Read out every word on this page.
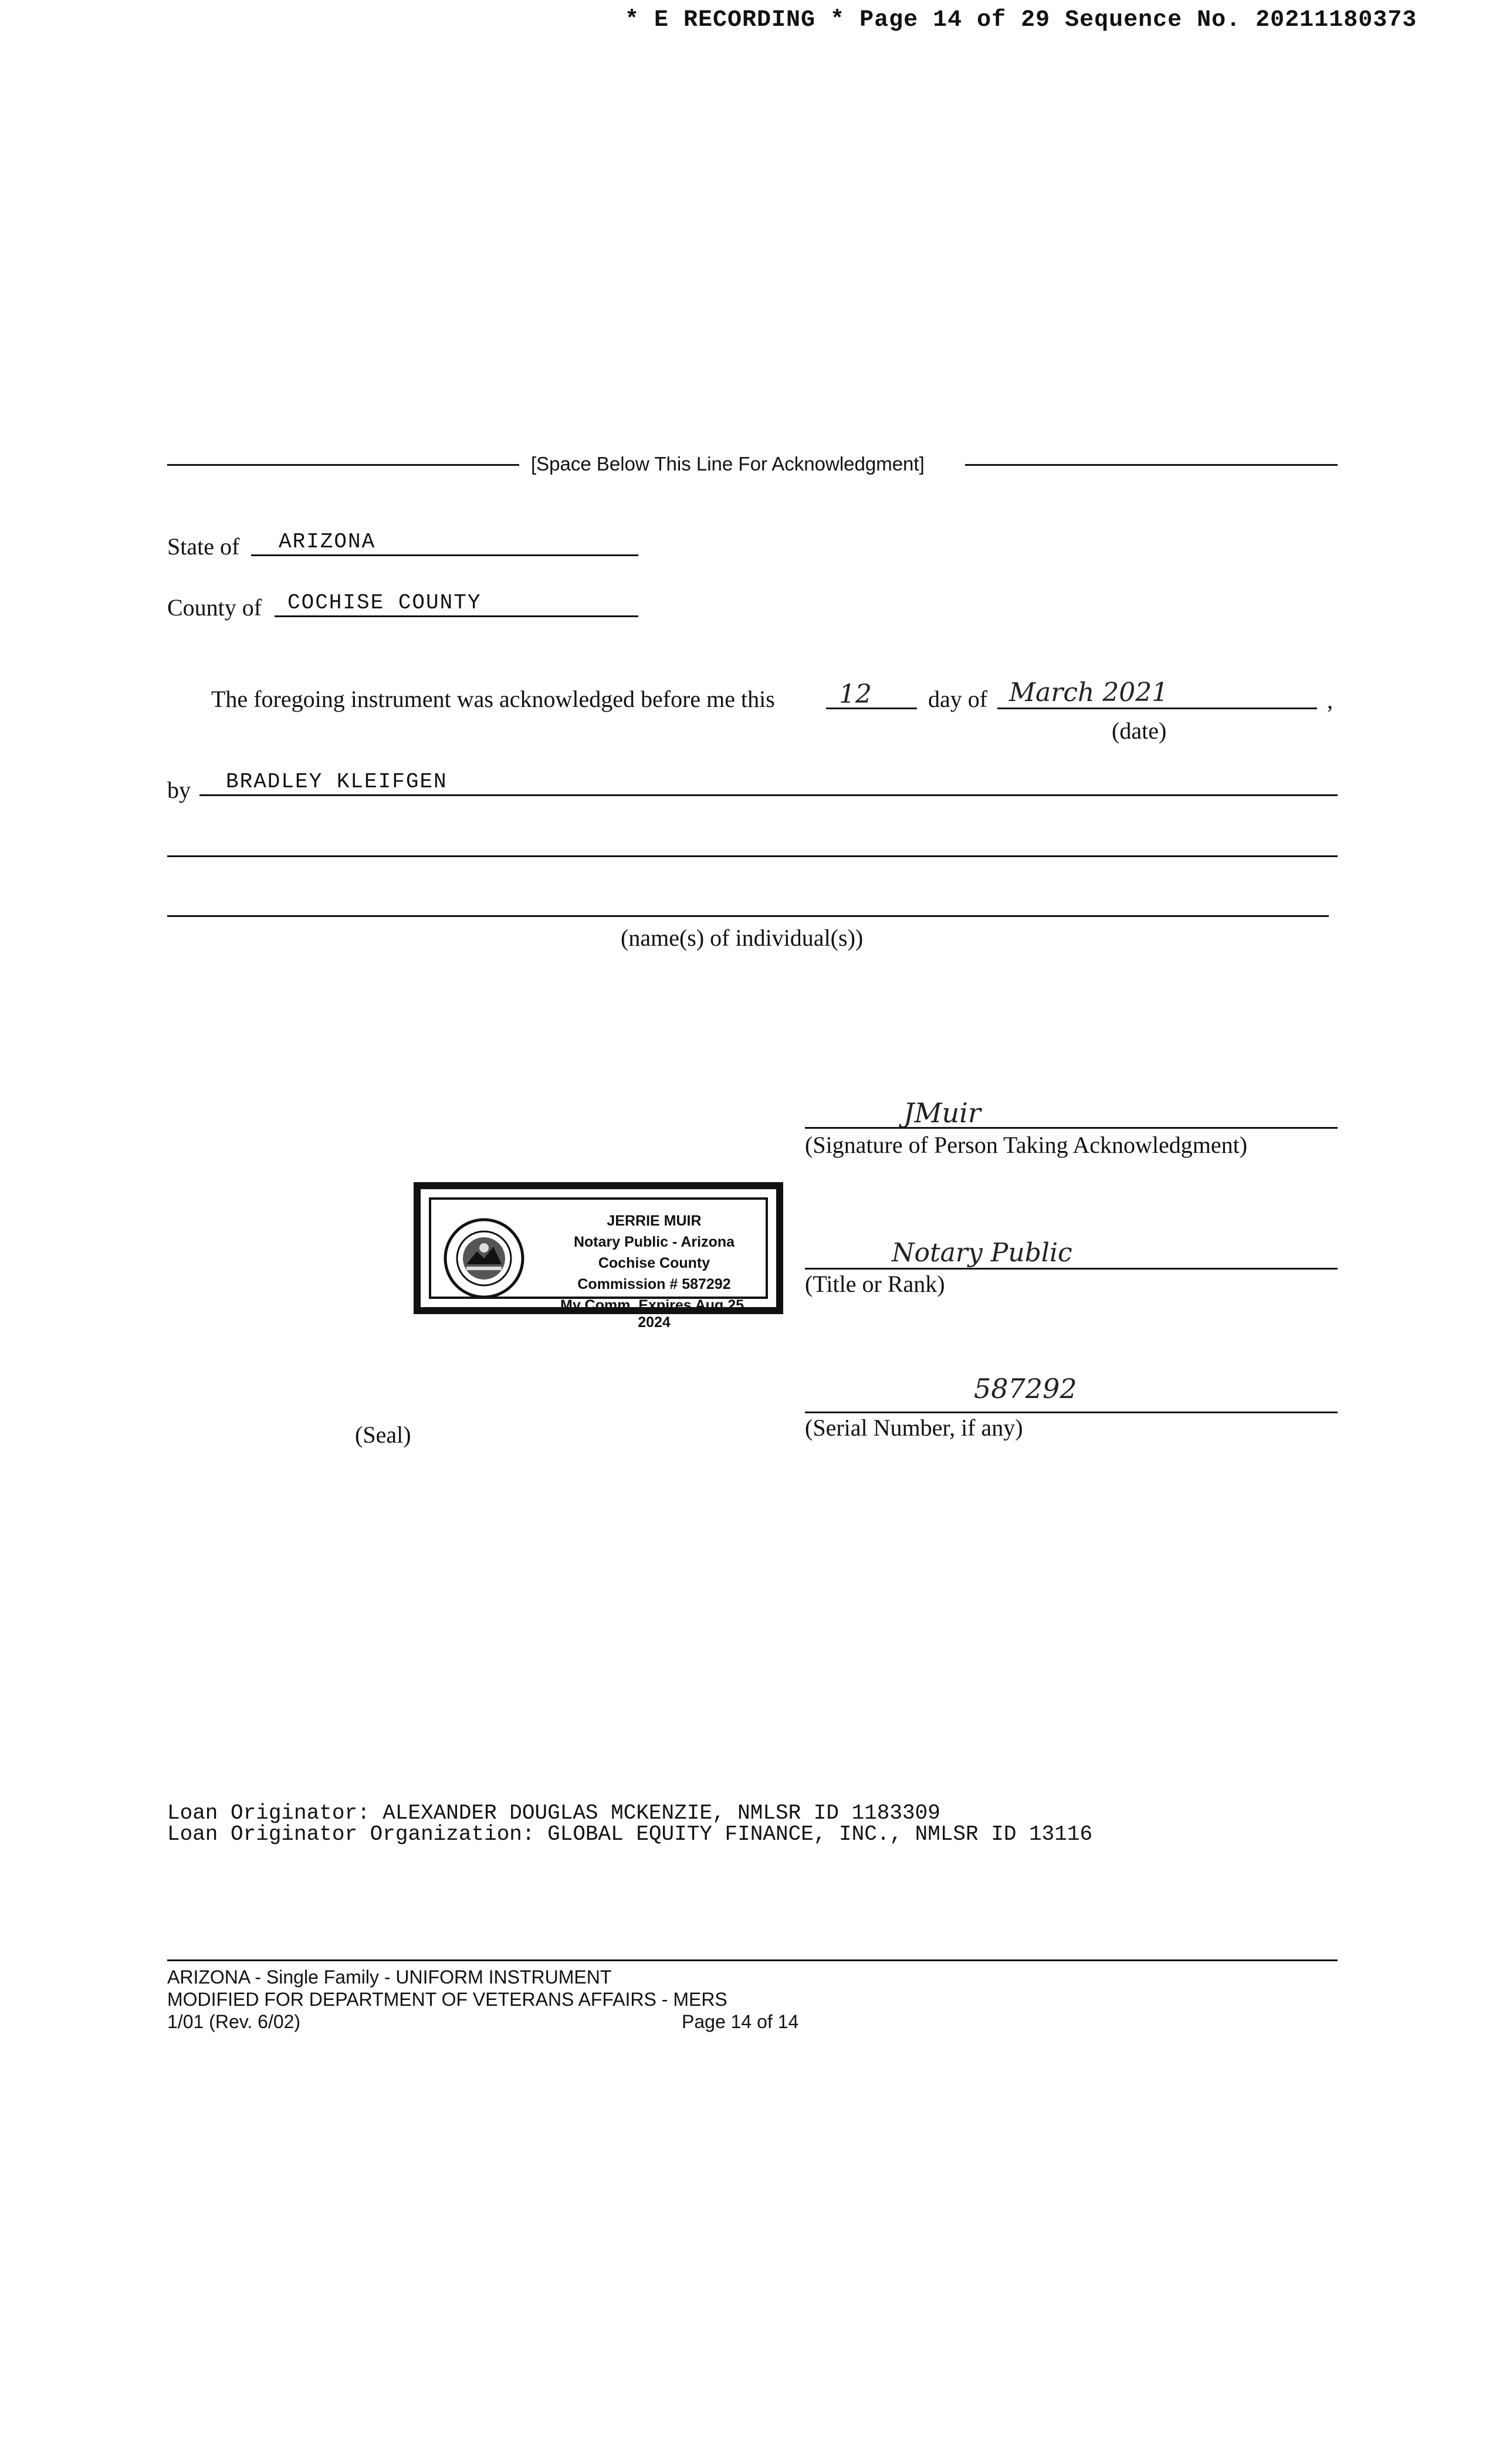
* E RECORDING * Page 14 of 29 Sequence No. 20211180373
[Space Below This Line For Acknowledgment]
State of ARIZONA
County of COCHISE COUNTY
The foregoing instrument was acknowledged before me this 12 day of March 2021	,
(date)
by BRADLEY KLEIFGEN
(name(s) of individual(s))
JMuir
(Signature of Person Taking Acknowledgment)
JERRIE MUIR
Notary Public - Arizona
Cochise County
Commission # 587292
My Comm. Expires Aug 25, 2024
Notary Public
(Title or Rank)
587292
(Serial Number, if any)
(Seal)
Loan Originator: ALEXANDER DOUGLAS MCKENZIE, NMLSR ID 1183309
Loan Originator Organization: GLOBAL EQUITY FINANCE, INC., NMLSR ID 13116
ARIZONA - Single Family - UNIFORM INSTRUMENT
MODIFIED FOR DEPARTMENT OF VETERANS AFFAIRS - MERS
1/01 (Rev. 6/02)	Page 14 of 14
